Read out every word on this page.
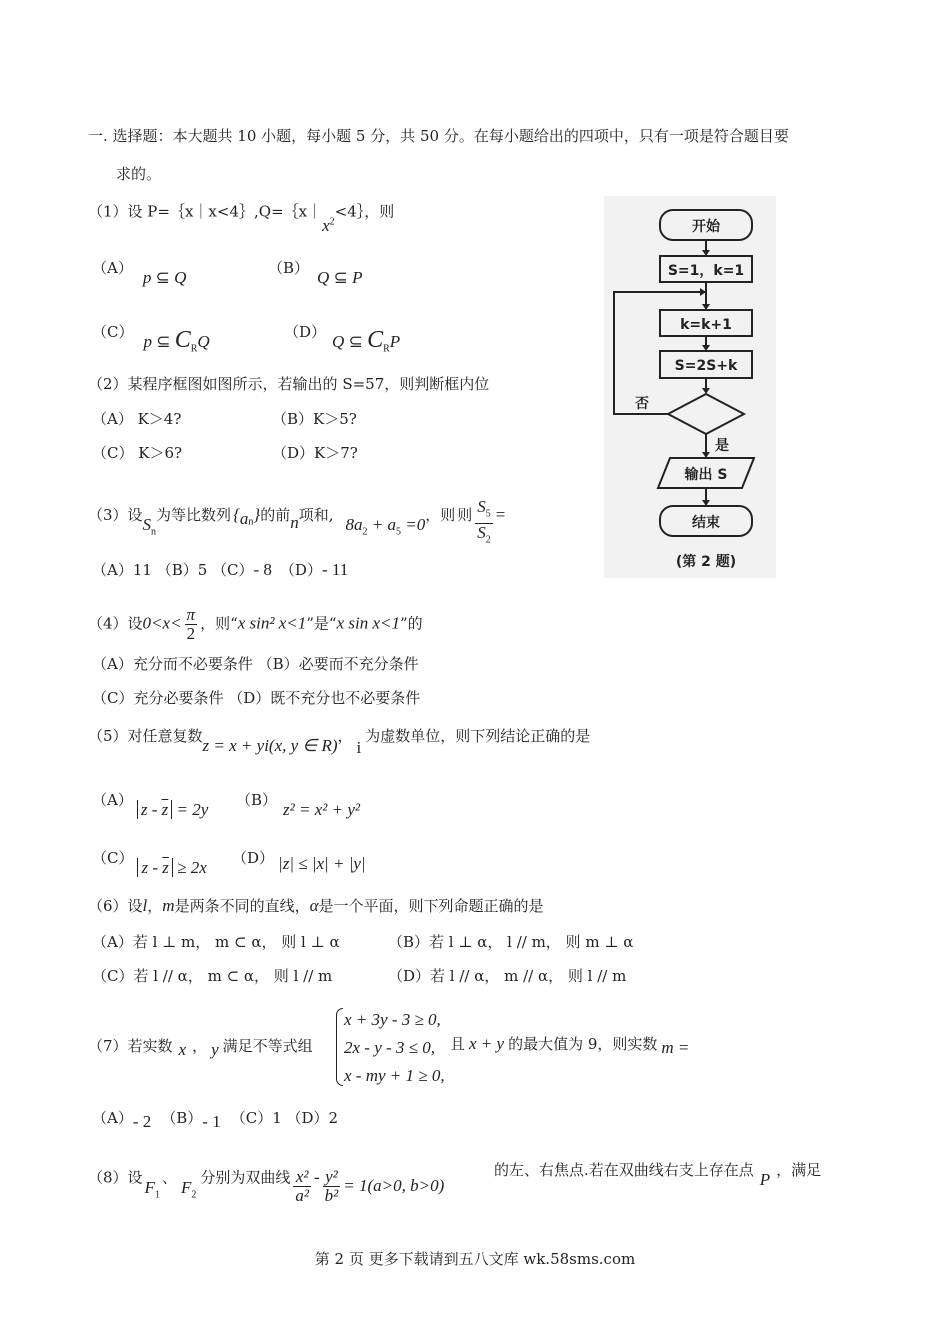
一. 选择题：本大题共 10 小题，每小题 5 分，共 50 分。在每小题给出的四项中，只有一项是符合题目要
求的。
（1）设 $P=\{x|x<4\},Q=\{x|x^2<4\}$，则
（A） p ⊆ Q	（B） Q ⊆ P
（C） p ⊆ $C_RQ$	（D） Q ⊆ $C_RP$
（2）某程序框图如图所示，若输出的 S=57，则判断框内位
（A） K＞4?	（B）K＞5?
（C） K＞6?	（D）K＞7?
开始
S=1，k=1
k=k+1
S=2S+k
否
是
输出 S
结束
(第 2 题)
（3）设$S_n$为等比数列 $\{a_n\}$的前n项和, $8a_2 + a_5 =0$，则 则 $\frac{S_5}{S_2}$ =
（A）11 （B）5 （C）- 8 （D）- 11
（4）设$0<x< \frac{\pi}{2}$ ，则“x sin² x<1”是“x sin x<1”的
（A）充分而不必要条件 （B）必要而不充分条件
（C）充分必要条件 （D）既不充分也不必要条件
（5）对任意复数z = x + yi(x, y ∈ R)，i为虚数单位，则下列结论正确的是
（A） $z - \overline{z} = 2y$ （B） z² = x² + y²
（C） $z - \overline{z} \ge 2x$ （D） |z| ≤ |x| + |y|
（6）设l，m是两条不同的直线，α是一个平面，则下列命题正确的是
（A）若 l ⊥ m， m ⊂ α， 则 l ⊥ α	（B）若 l ⊥ α， l // m， 则 m ⊥ α
（C）若 l // α， m ⊂ α， 则 l // m	（D）若 l // α， m // α， 则 l // m
（7）若实数 x ， y 满足不等式组
x + 3y - 3 ≥ 0,
2x - y - 3 ≤ 0,
x - my + 1 ≥ 0,
且 x + y 的最大值为 9，则实数 m =
（A）- 2 （B）- 1 （C）1 （D）2
（8）设 $F_1$、 $F_2$分别为双曲线 $\frac{\text{x²}}{\text{a²}} - \frac{\text{y²}}{\text{b²}} = 1(a>0$, b>0)
的左、右焦点.若在双曲线右支上存在点 P ，满足
第 2 页 更多下载请到五八文库 wk.58sms.com
